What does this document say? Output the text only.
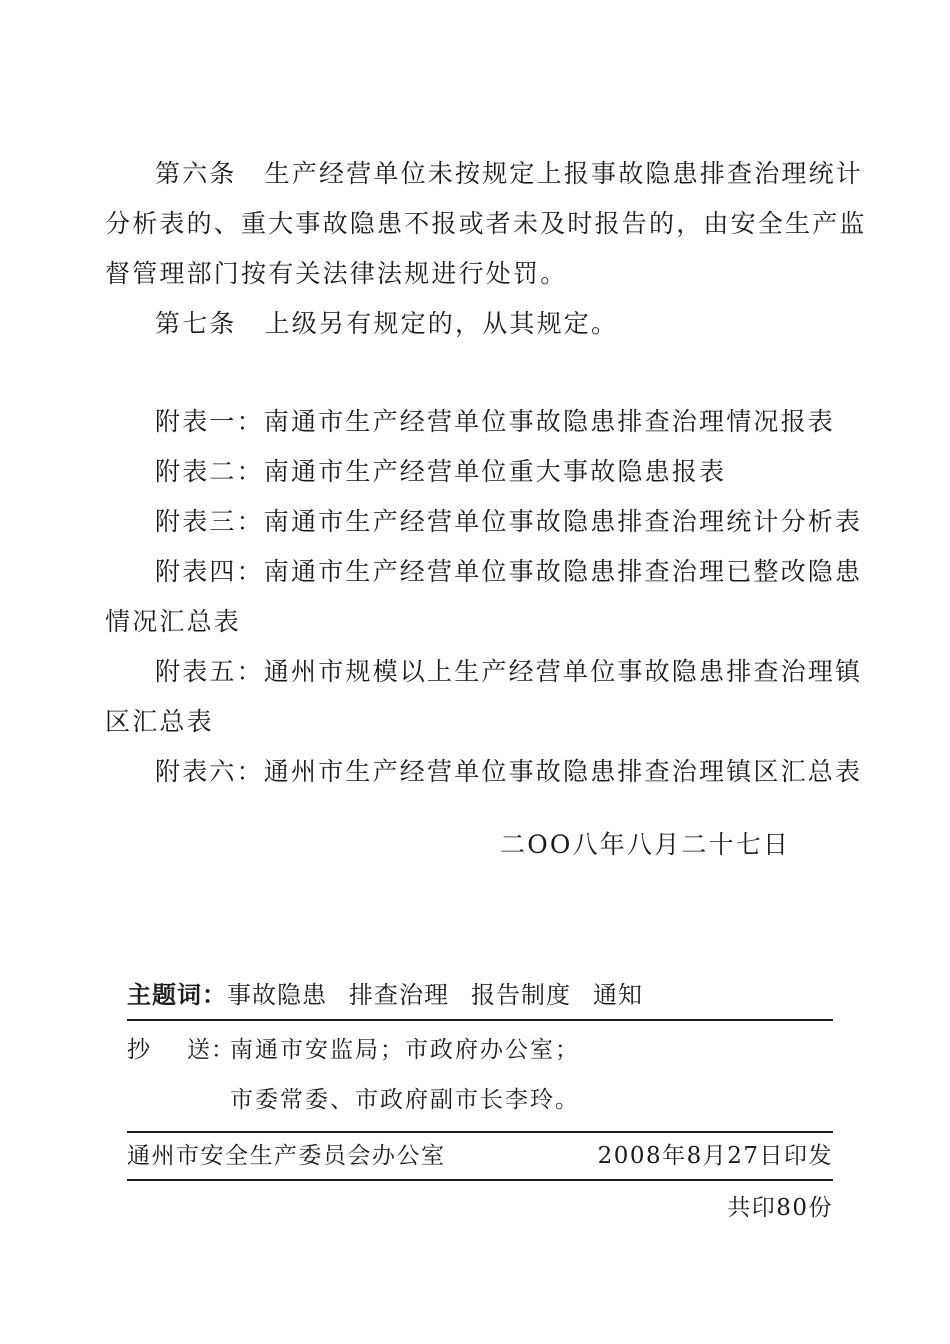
第六条 生产经营单位未按规定上报事故隐患排查治理统计
分析表的、重大事故隐患不报或者未及时报告的，由安全生产监
督管理部门按有关法律法规进行处罚。
第七条 上级另有规定的，从其规定。
附表一：南通市生产经营单位事故隐患排查治理情况报表
附表二：南通市生产经营单位重大事故隐患报表
附表三：南通市生产经营单位事故隐患排查治理统计分析表
附表四：南通市生产经营单位事故隐患排查治理已整改隐患
情况汇总表
附表五：通州市规模以上生产经营单位事故隐患排查治理镇
区汇总表
附表六：通州市生产经营单位事故隐患排查治理镇区汇总表
二OO八年八月二十七日
主题词：事故隐患 排查治理 报告制度 通知
抄 送：
南通市安监局；市政府办公室；
市委常委、市政府副市长李玲。
通州市安全生产委员会办公室	2008年8月27日印发
共印80份
